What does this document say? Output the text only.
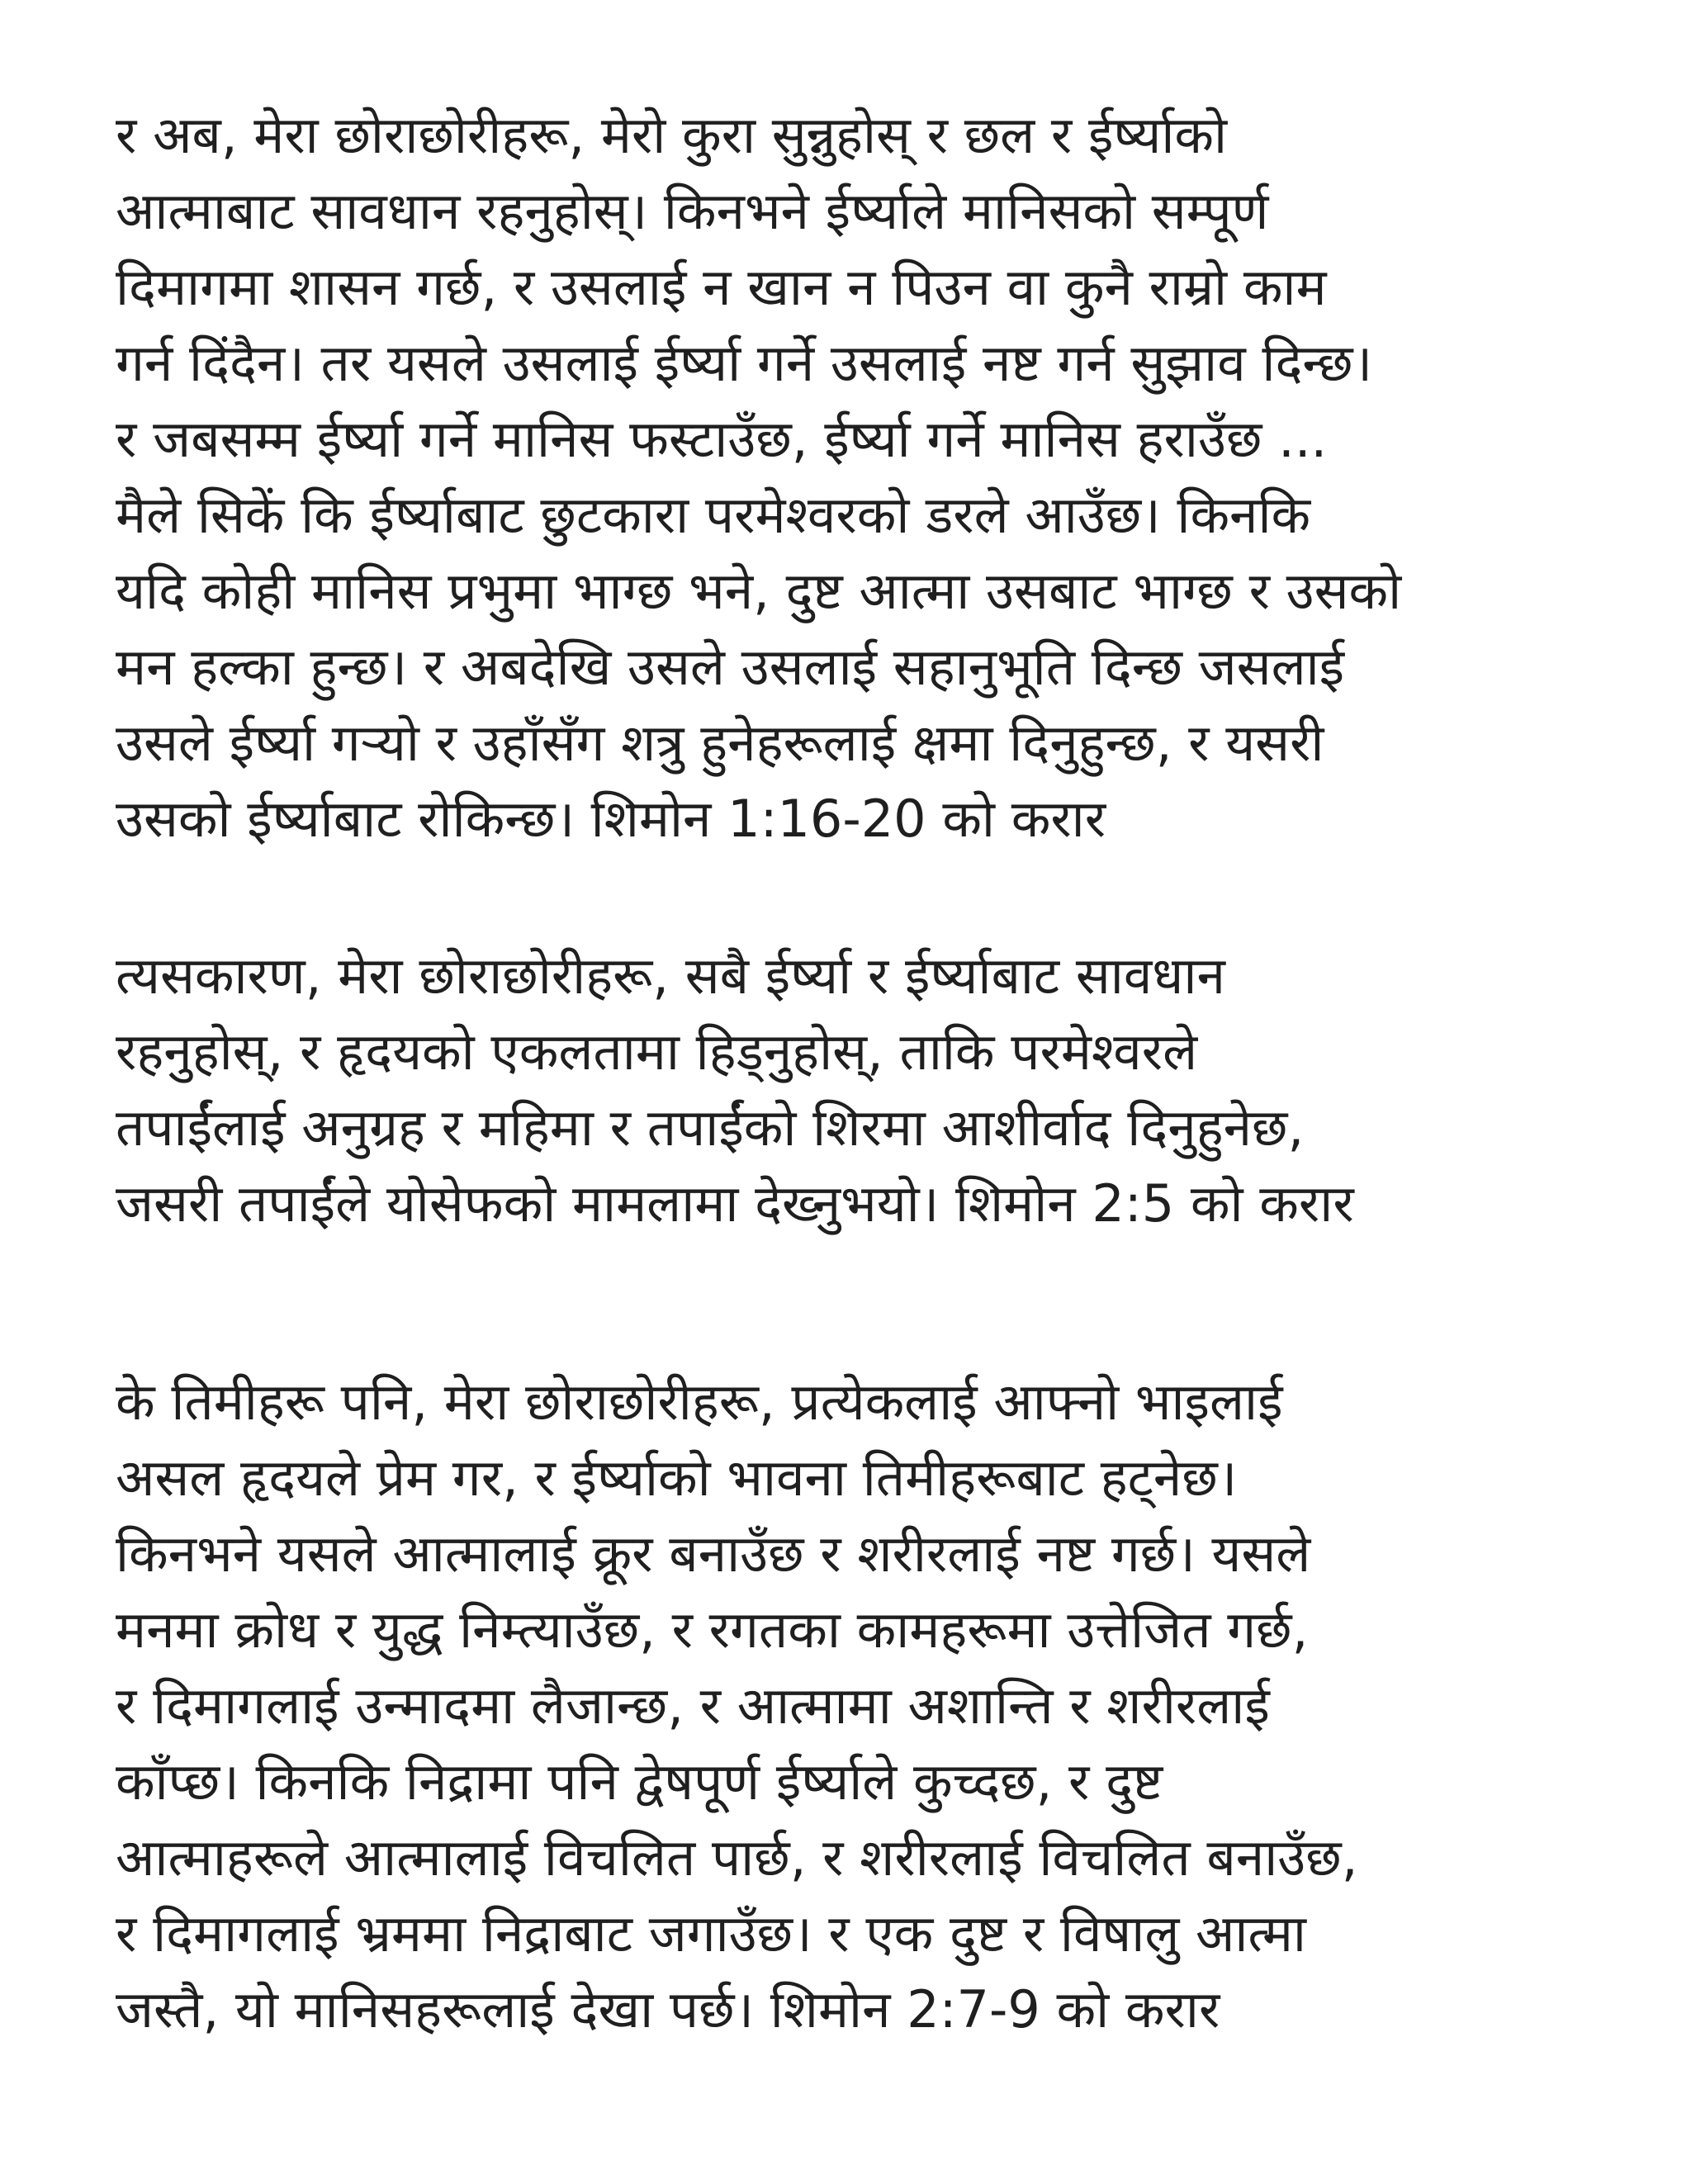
र अब, मेरा छोराछोरीहरू, मेरो कुरा सुन्नुहोस् र छल र ईर्ष्याको
आत्माबाट सावधान रहनुहोस्। किनभने ईर्ष्याले मानिसको सम्पूर्ण
दिमागमा शासन गर्छ, र उसलाई न खान न पिउन वा कुनै राम्रो काम
गर्न दिंदैन। तर यसले उसलाई ईर्ष्या गर्ने उसलाई नष्ट गर्न सुझाव दिन्छ।
र जबसम्म ईर्ष्या गर्ने मानिस फस्टाउँछ, ईर्ष्या गर्ने मानिस हराउँछ ...
मैले सिकें कि ईर्ष्याबाट छुटकारा परमेश्वरको डरले आउँछ। किनकि
यदि कोही मानिस प्रभुमा भाग्छ भने, दुष्ट आत्मा उसबाट भाग्छ र उसको
मन हल्का हुन्छ। र अबदेखि उसले उसलाई सहानुभूति दिन्छ जसलाई
उसले ईर्ष्या गर्‍यो र उहाँसँग शत्रु हुनेहरूलाई क्षमा दिनुहुन्छ, र यसरी
उसको ईर्ष्याबाट रोकिन्छ। शिमोन 1:16-20 को करार
त्यसकारण, मेरा छोराछोरीहरू, सबै ईर्ष्या र ईर्ष्याबाट सावधान
रहनुहोस्, र हृदयको एकलतामा हिड्नुहोस्, ताकि परमेश्वरले
तपाईंलाई अनुग्रह र महिमा र तपाईंको शिरमा आशीर्वाद दिनुहुनेछ,
जसरी तपाईंले योसेफको मामलामा देख्नुभयो। शिमोन 2:5 को करार
के तिमीहरू पनि, मेरा छोराछोरीहरू, प्रत्येकलाई आफ्नो भाइलाई
असल हृदयले प्रेम गर, र ईर्ष्याको भावना तिमीहरूबाट हट्नेछ।
किनभने यसले आत्मालाई क्रूर बनाउँछ र शरीरलाई नष्ट गर्छ। यसले
मनमा क्रोध र युद्ध निम्त्याउँछ, र रगतका कामहरूमा उत्तेजित गर्छ,
र दिमागलाई उन्मादमा लैजान्छ, र आत्मामा अशान्ति र शरीरलाई
काँप्छ। किनकि निद्रामा पनि द्वेषपूर्ण ईर्ष्याले कुच्दछ, र दुष्ट
आत्माहरूले आत्मालाई विचलित पार्छ, र शरीरलाई विचलित बनाउँछ,
र दिमागलाई भ्रममा निद्राबाट जगाउँछ। र एक दुष्ट र विषालु आत्मा
जस्तै, यो मानिसहरूलाई देखा पर्छ। शिमोन 2:7-9 को करार
